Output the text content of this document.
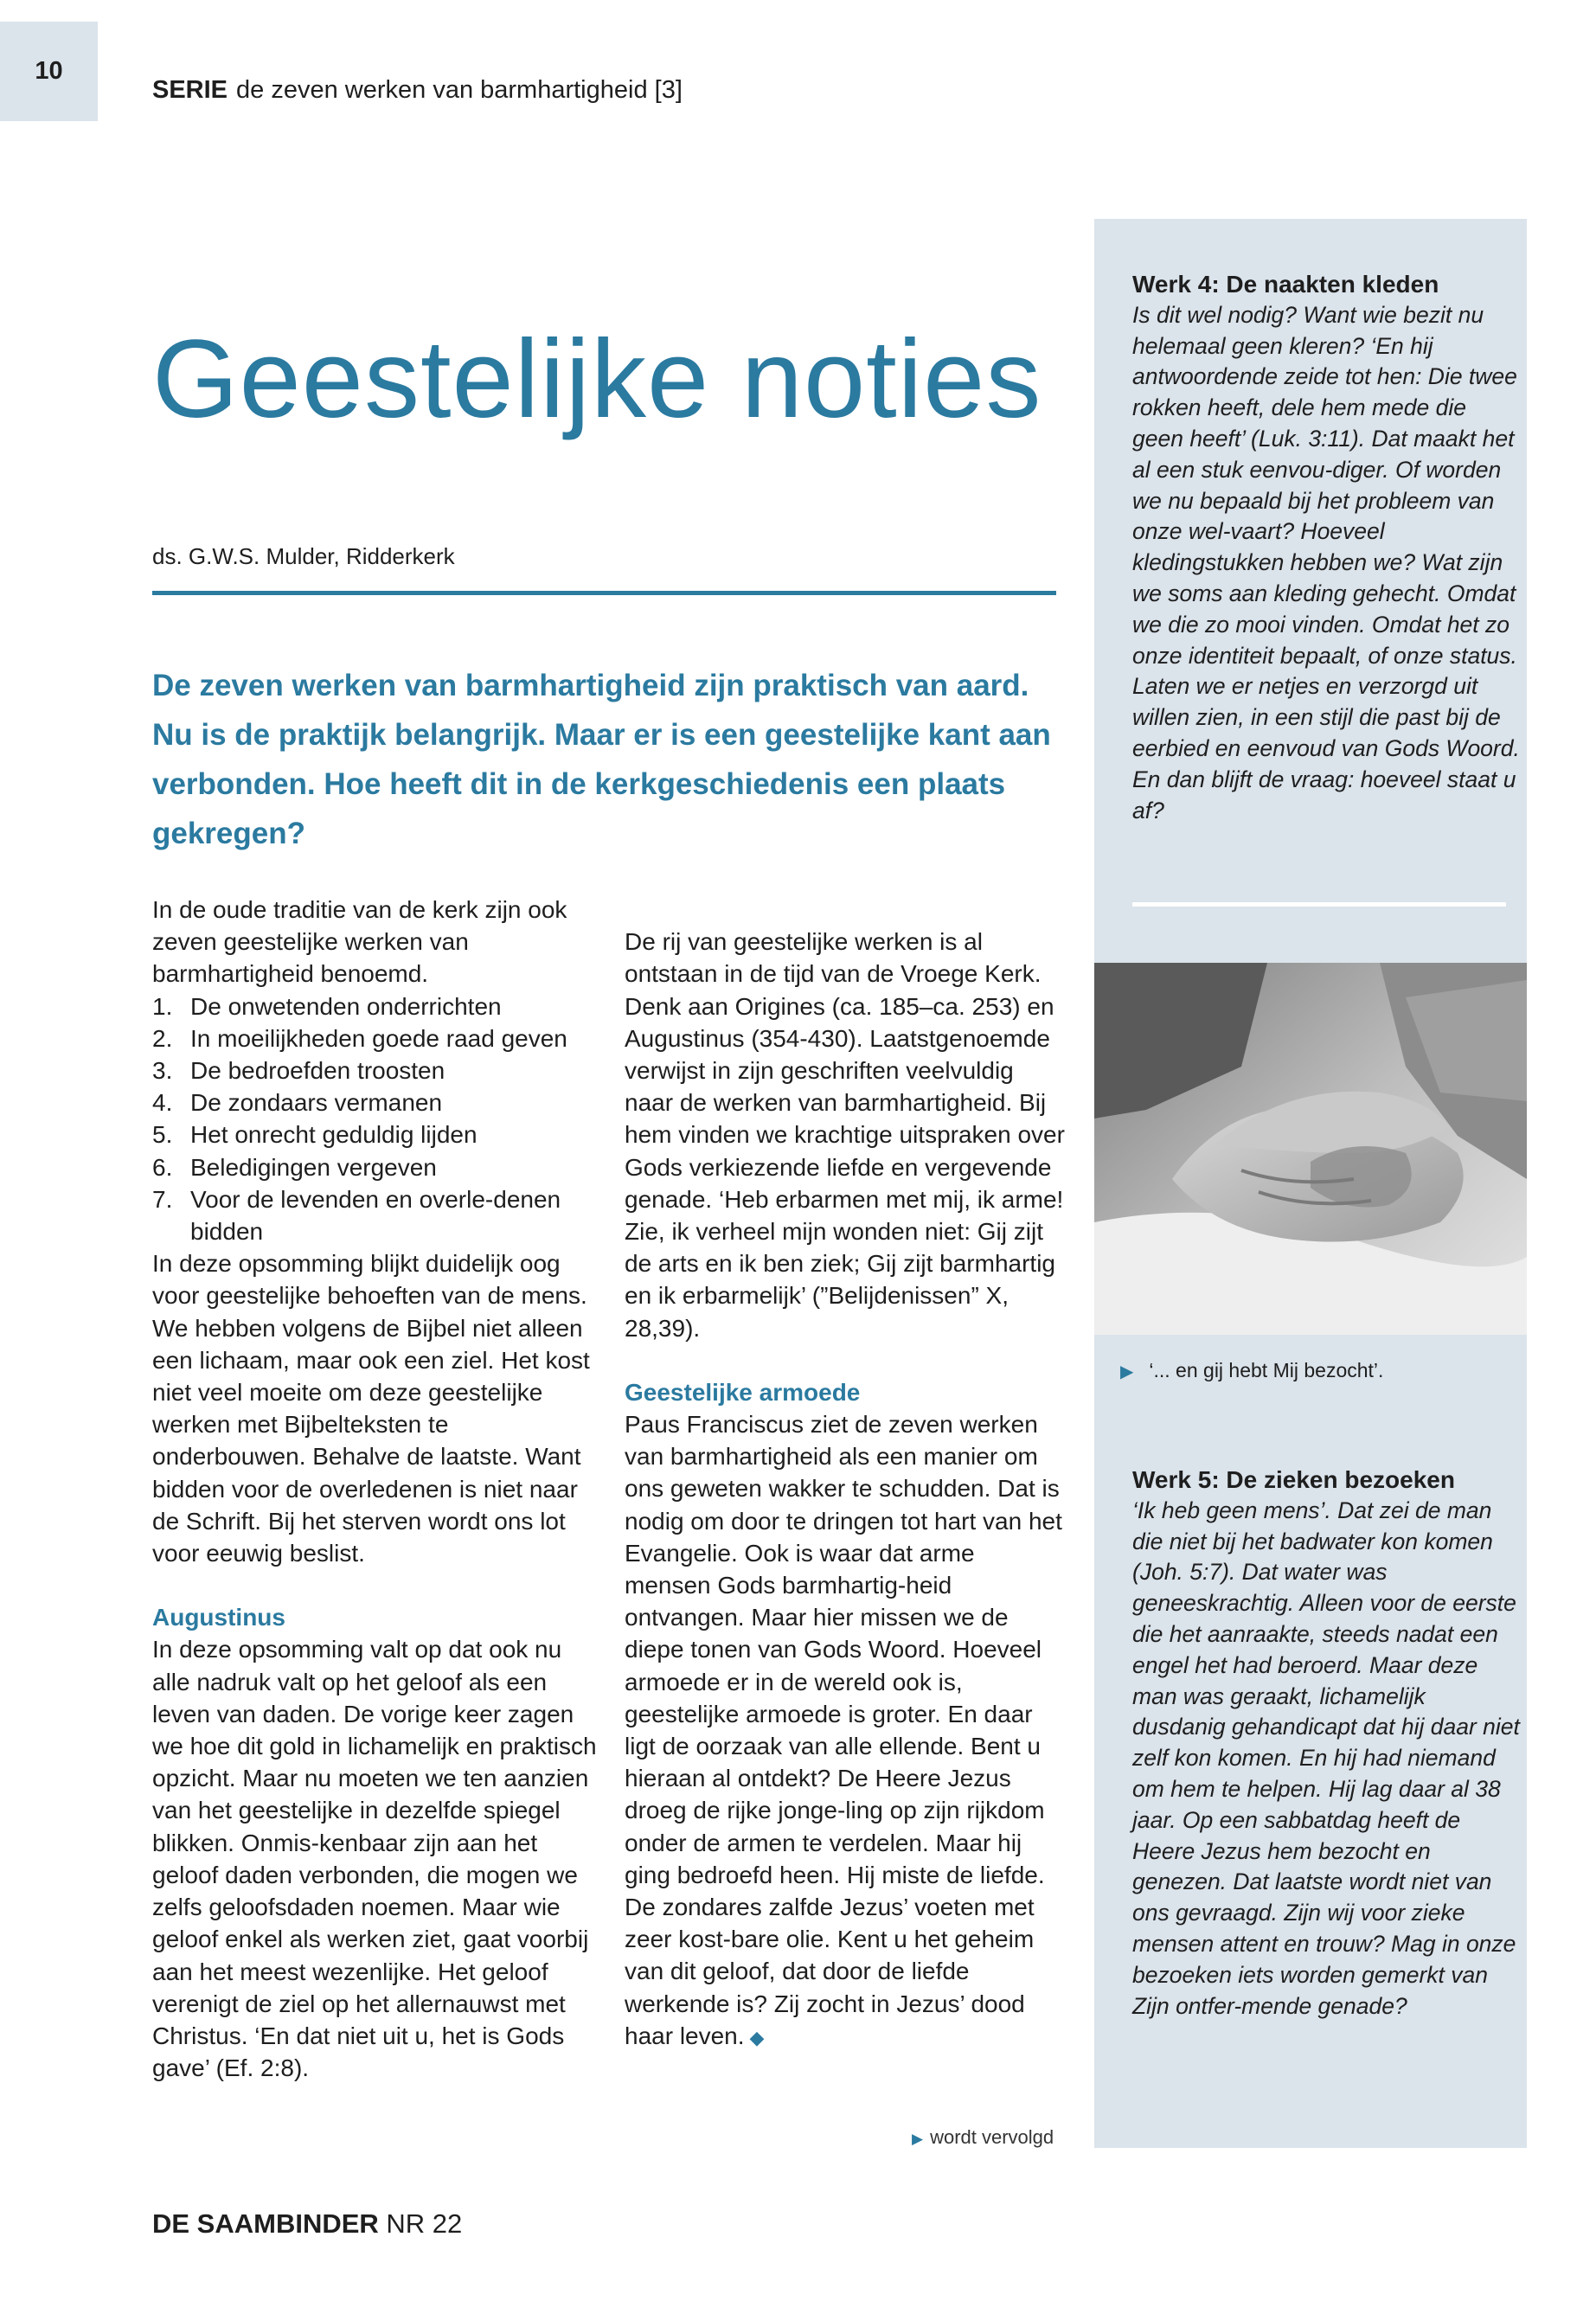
10
SERIE de zeven werken van barmhartigheid [3]
Geestelijke noties
ds. G.W.S. Mulder, Ridderkerk

De zeven werken van barmhartigheid zijn praktisch van aard. Nu is de praktijk belangrijk. Maar er is een geestelijke kant aan verbonden. Hoe heeft dit in de kerkgeschiedenis een plaats gekregen?

In de oude traditie van de kerk zijn ook zeven geestelijke werken van barmhartigheid benoemd.

1. De onwetenden onderrichten
2. In moeilijkheden goede raad geven
3. De bedroefden troosten
4. De zondaars vermanen
5. Het onrecht geduldig lijden
6. Beledigingen vergeven
7. Voor de levenden en overle-denen bidden

In deze opsomming blijkt duidelijk oog voor geestelijke behoeften van de mens. We hebben volgens de Bijbel niet alleen een lichaam, maar ook een ziel. Het kost niet veel moeite om deze geestelijke werken met Bijbelteksten te onderbouwen. Behalve de laatste. Want bidden voor de overledenen is niet naar de Schrift. Bij het sterven wordt ons lot voor eeuwig beslist.

Augustinus

In deze opsomming valt op dat ook nu alle nadruk valt op het geloof als een leven van daden. De vorige keer zagen we hoe dit gold in lichamelijk en praktisch opzicht. Maar nu moeten we ten aanzien van het geestelijke in dezelfde spiegel blikken. Onmis-kenbaar zijn aan het geloof daden verbonden, die mogen we zelfs geloofsdaden noemen. Maar wie geloof enkel als werken ziet, gaat voorbij aan het meest wezenlijke. Het geloof verenigt de ziel op het allernauwst met Christus. ‘En dat niet uit u, het is Gods gave’ (Ef. 2:8).

De rij van geestelijke werken is al ontstaan in de tijd van de Vroege Kerk. Denk aan Origines (ca. 185–ca. 253) en Augustinus (354-430). Laatstgenoemde verwijst in zijn geschriften veelvuldig naar de werken van barmhartigheid. Bij hem vinden we krachtige uitspraken over Gods verkiezende liefde en vergevende genade. ‘Heb erbarmen met mij, ik arme! Zie, ik verheel mijn wonden niet: Gij zijt de arts en ik ben ziek; Gij zijt barmhartig en ik erbarmelijk’ (”Belijdenissen” X, 28,39).

Geestelijke armoede

Paus Franciscus ziet de zeven werken van barmhartigheid als een manier om ons geweten wakker te schudden. Dat is nodig om door te dringen tot hart van het Evangelie. Ook is waar dat arme mensen Gods barmhartig-heid ontvangen. Maar hier missen we de diepe tonen van Gods Woord. Hoeveel armoede er in de wereld ook is, geestelijke armoede is groter. En daar ligt de oorzaak van alle ellende. Bent u hieraan al ontdekt? De Heere Jezus droeg de rijke jonge-ling op zijn rijkdom onder de armen te verdelen. Maar hij ging bedroefd heen. Hij miste de liefde. De zondares zalfde Jezus’ voeten met zeer kost-bare olie. Kent u het geheim van dit geloof, dat door de liefde werkende is? Zij zocht in Jezus’ dood haar leven. ◆

▶ wordt vervolgd
Werk 4: De naakten kleden
Is dit wel nodig? Want wie bezit nu helemaal geen kleren? ‘En hij antwoordende zeide tot hen: Die twee rokken heeft, dele hem mede die geen heeft’ (Luk. 3:11). Dat maakt het al een stuk eenvou-diger. Of worden we nu bepaald bij het probleem van onze wel-vaart? Hoeveel kledingstukken hebben we? Wat zijn we soms aan kleding gehecht. Omdat we die zo mooi vinden. Omdat het zo onze identiteit bepaalt, of onze status. Laten we er netjes en verzorgd uit willen zien, in een stijl die past bij de eerbied en eenvoud van Gods Woord. En dan blijft de vraag: hoeveel staat u af?
▶ ‘... en gij hebt Mij bezocht’.
Werk 5: De zieken bezoeken
‘Ik heb geen mens’. Dat zei de man die niet bij het badwater kon komen (Joh. 5:7). Dat water was geneeskrachtig. Alleen voor de eerste die het aanraakte, steeds nadat een engel het had beroerd. Maar deze man was geraakt, lichamelijk dusdanig gehandicapt dat hij daar niet zelf kon komen. En hij had niemand om hem te helpen. Hij lag daar al 38 jaar. Op een sabbatdag heeft de Heere Jezus hem bezocht en genezen. Dat laatste wordt niet van ons gevraagd. Zijn wij voor zieke mensen attent en trouw? Mag in onze bezoeken iets worden gemerkt van Zijn ontfer-mende genade?
DE SAAMBINDER NR 22
